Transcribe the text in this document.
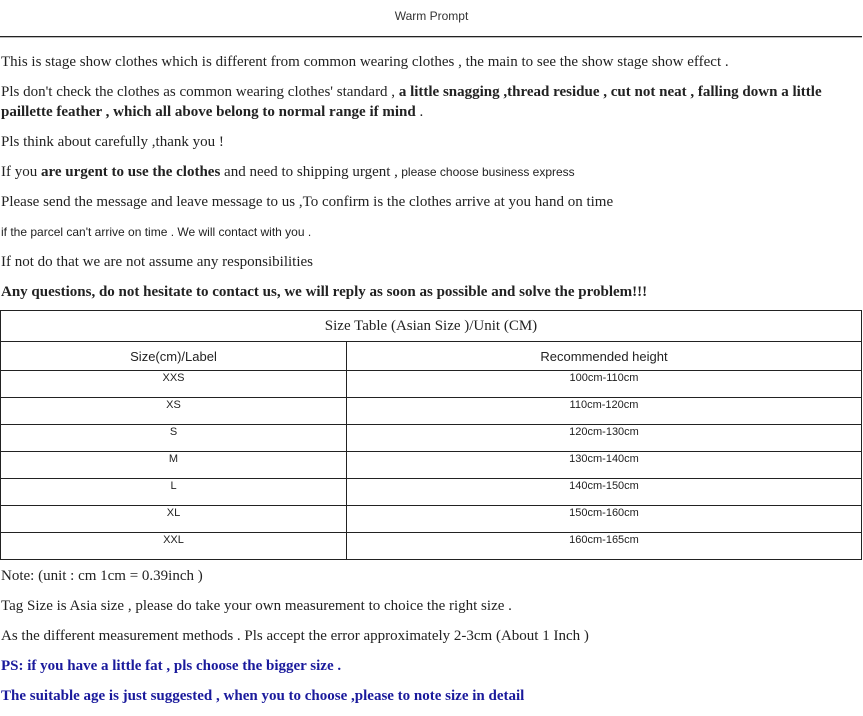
Warm Prompt

This is stage show clothes which is different from common wearing clothes , the main to see the show stage show effect .

Pls don't check the clothes as common wearing clothes' standard , a little snagging ,thread residue , cut not neat , falling down a little paillette feather , which all above belong to normal range if mind .

Pls think about carefully ,thank you !

If you are urgent to use the clothes and need to shipping urgent , please choose business express

Please send the message and leave message to us ,To confirm is the clothes arrive at you hand on time

if the parcel can't arrive on time . We will contact with you .

If not do that we are not assume any responsibilities

Any questions, do not hesitate to contact us, we will reply as soon as possible and solve the problem!!!

Size Table (Asian Size )/Unit (CM)	
Size(cm)/Label	Recommended height
XXS	100cm-110cm
XS	110cm-120cm
S	120cm-130cm
M	130cm-140cm
L	140cm-150cm
XL	150cm-160cm
XXL	160cm-165cm

Note: (unit : cm 1cm = 0.39inch )

Tag Size is Asia size , please do take your own measurement to choice the right size .

As the different measurement methods . Pls accept the error approximately 2-3cm (About 1 Inch )

PS: if you have a little fat , pls choose the bigger size .

The suitable age is just suggested , when you to choose ,please to note size in detail
